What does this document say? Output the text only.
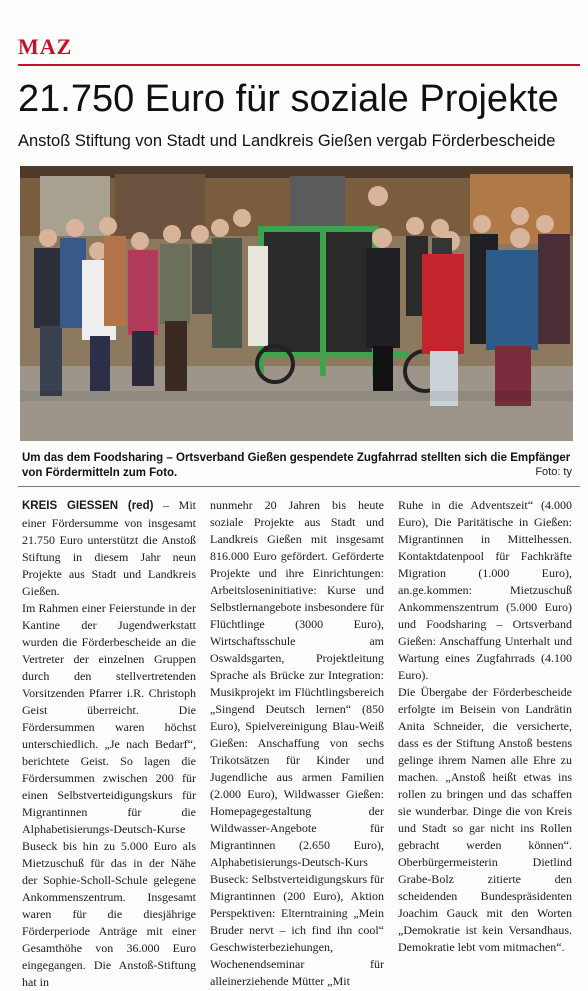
MAZ
21.750 Euro für soziale Projekte
Anstoß Stiftung von Stadt und Landkreis Gießen vergab Förderbescheide
Um das dem Foodsharing – Ortsverband Gießen gespendete Zugfahrrad stellten sich die Empfänger von Fördermitteln zum Foto.	Foto: ty

KREIS GIESSEN (red) – Mit einer Fördersumme von insgesamt 21.750 Euro unterstützt die Anstoß Stiftung in diesem Jahr neun Projekte aus Stadt und Landkreis Gießen.

Im Rahmen einer Feierstunde in der Kantine der Jugendwerkstatt wurden die Förderbescheide an die Vertreter der einzelnen Gruppen durch den stellvertretenden Vorsitzenden Pfarrer i.R. Christoph Geist überreicht. Die Fördersummen waren höchst unterschiedlich. „Je nach Bedarf“, berichtete Geist. So lagen die Fördersummen zwischen 200 für einen Selbstverteidigungskurs für Migrantinnen für die Alphabetisierungs-Deutsch-Kurse Buseck bis hin zu 5.000 Euro als Mietzuschuß für das in der Nähe der Sophie-Scholl-Schule gelegene Ankommenszentrum. Insgesamt waren für die diesjährige Förderperiode Anträge mit einer Gesamthöhe von 36.000 Euro eingegangen. Die Anstoß-Stiftung hat in

nunmehr 20 Jahren bis heute soziale Projekte aus Stadt und Landkreis Gießen mit insgesamt 816.000 Euro gefördert. Geförderte Projekte und ihre Einrichtungen: Arbeitsloseninitiative: Kurse und Selbstlernangebote insbesondere für Flüchtlinge (3000 Euro), Wirtschaftsschule am Oswaldsgarten, Projektleitung Sprache als Brücke zur Integration: Musikprojekt im Flüchtlingsbereich „Singend Deutsch lernen“ (850 Euro), Spielvereinigung Blau-Weiß Gießen: Anschaffung von sechs Trikotsätzen für Kinder und Jugendliche aus armen Familien (2.000 Euro), Wildwasser Gießen: Homepagegestaltung der Wildwasser-Angebote für Migrantinnen (2.650 Euro), Alphabetisierungs-Deutsch-Kurs Buseck: Selbstverteidigungskurs für Migrantinnen (200 Euro), Aktion Perspektiven: Elterntraining „Mein Bruder nervt – ich find ihn cool“ Geschwisterbeziehungen, Wochenendseminar für alleinerziehende Mütter „Mit

Ruhe in die Adventszeit“ (4.000 Euro), Die Paritätische in Gießen: Migrantinnen in Mittelhessen. Kontaktdatenpool für Fachkräfte Migration (1.000 Euro), an.ge.kommen: Mietzuschuß Ankommenszentrum (5.000 Euro) und Foodsharing – Ortsverband Gießen: Anschaffung Unterhalt und Wartung eines Zugfahrrads (4.100 Euro).

Die Übergabe der Förderbescheide erfolgte im Beisein von Landrätin Anita Schneider, die versicherte, dass es der Stiftung Anstoß bestens gelinge ihrem Namen alle Ehre zu machen. „Anstoß heißt etwas ins rollen zu bringen und das schaffen sie wunderbar. Dinge die von Kreis und Stadt so gar nicht ins Rollen gebracht werden können“. Oberbürgermeisterin Dietlind Grabe-Bolz zitierte den scheidenden Bundespräsidenten Joachim Gauck mit den Worten „Demokratie ist kein Versandhaus. Demokratie lebt vom mitmachen“.
